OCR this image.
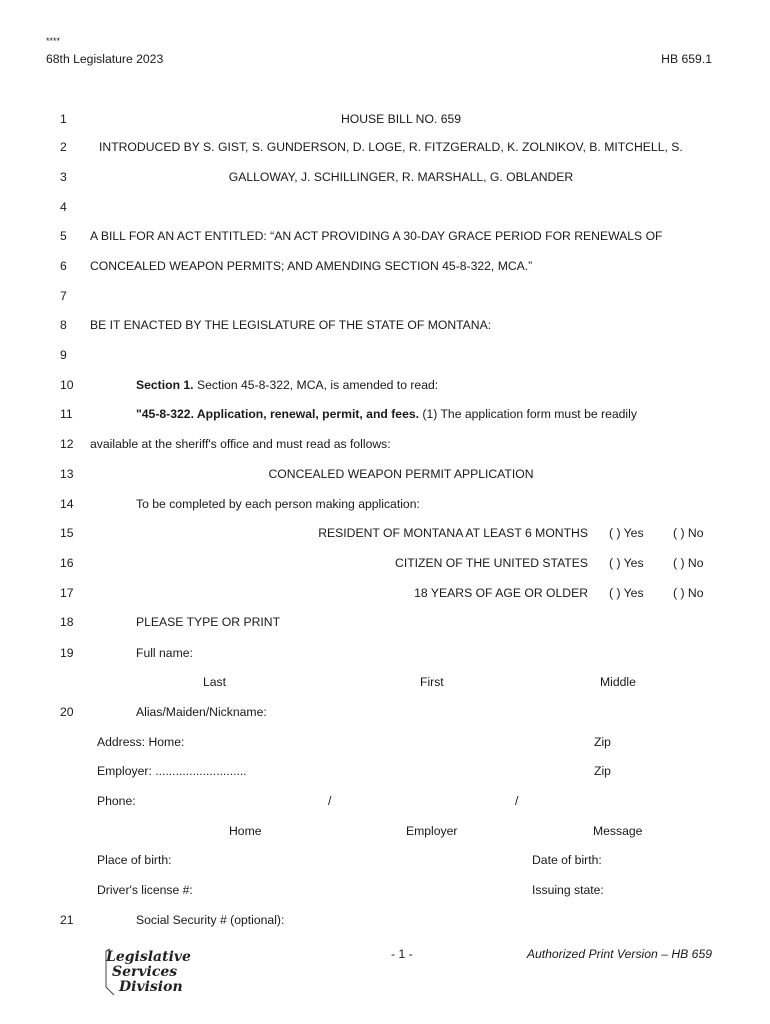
****
68th Legislature 2023	HB 659.1
1
2
3
4
5
6
7
8
9
10
11
12
13
14
15
16
17
18
19
20
21
HOUSE BILL NO. 659
INTRODUCED BY S. GIST, S. GUNDERSON, D. LOGE, R. FITZGERALD, K. ZOLNIKOV, B. MITCHELL, S.
GALLOWAY, J. SCHILLINGER, R. MARSHALL, G. OBLANDER
A BILL FOR AN ACT ENTITLED: “AN ACT PROVIDING A 30-DAY GRACE PERIOD FOR RENEWALS OF
CONCEALED WEAPON PERMITS; AND AMENDING SECTION 45-8-322, MCA.”
BE IT ENACTED BY THE LEGISLATURE OF THE STATE OF MONTANA:
Section 1. Section 45-8-322, MCA, is amended to read:
"45-8-322. Application, renewal, permit, and fees. (1) The application form must be readily
available at the sheriff's office and must read as follows:
CONCEALED WEAPON PERMIT APPLICATION
To be completed by each person making application:
RESIDENT OF MONTANA AT LEAST 6 MONTHS ( ) Yes ( ) No
CITIZEN OF THE UNITED STATES ( ) Yes ( ) No
18 YEARS OF AGE OR OLDER ( ) Yes ( ) No
PLEASE TYPE OR PRINT
Full name:
Last	First	Middle
Alias/Maiden/Nickname:
Address: Home:	Zip
Employer: ...........................	Zip
Phone:	/	/
Home	Employer	Message
Place of birth:	Date of birth:
Driver's license #:	Issuing state:
Social Security # (optional):
Legislative
Services
Division
- 1 -	Authorized Print Version – HB 659
